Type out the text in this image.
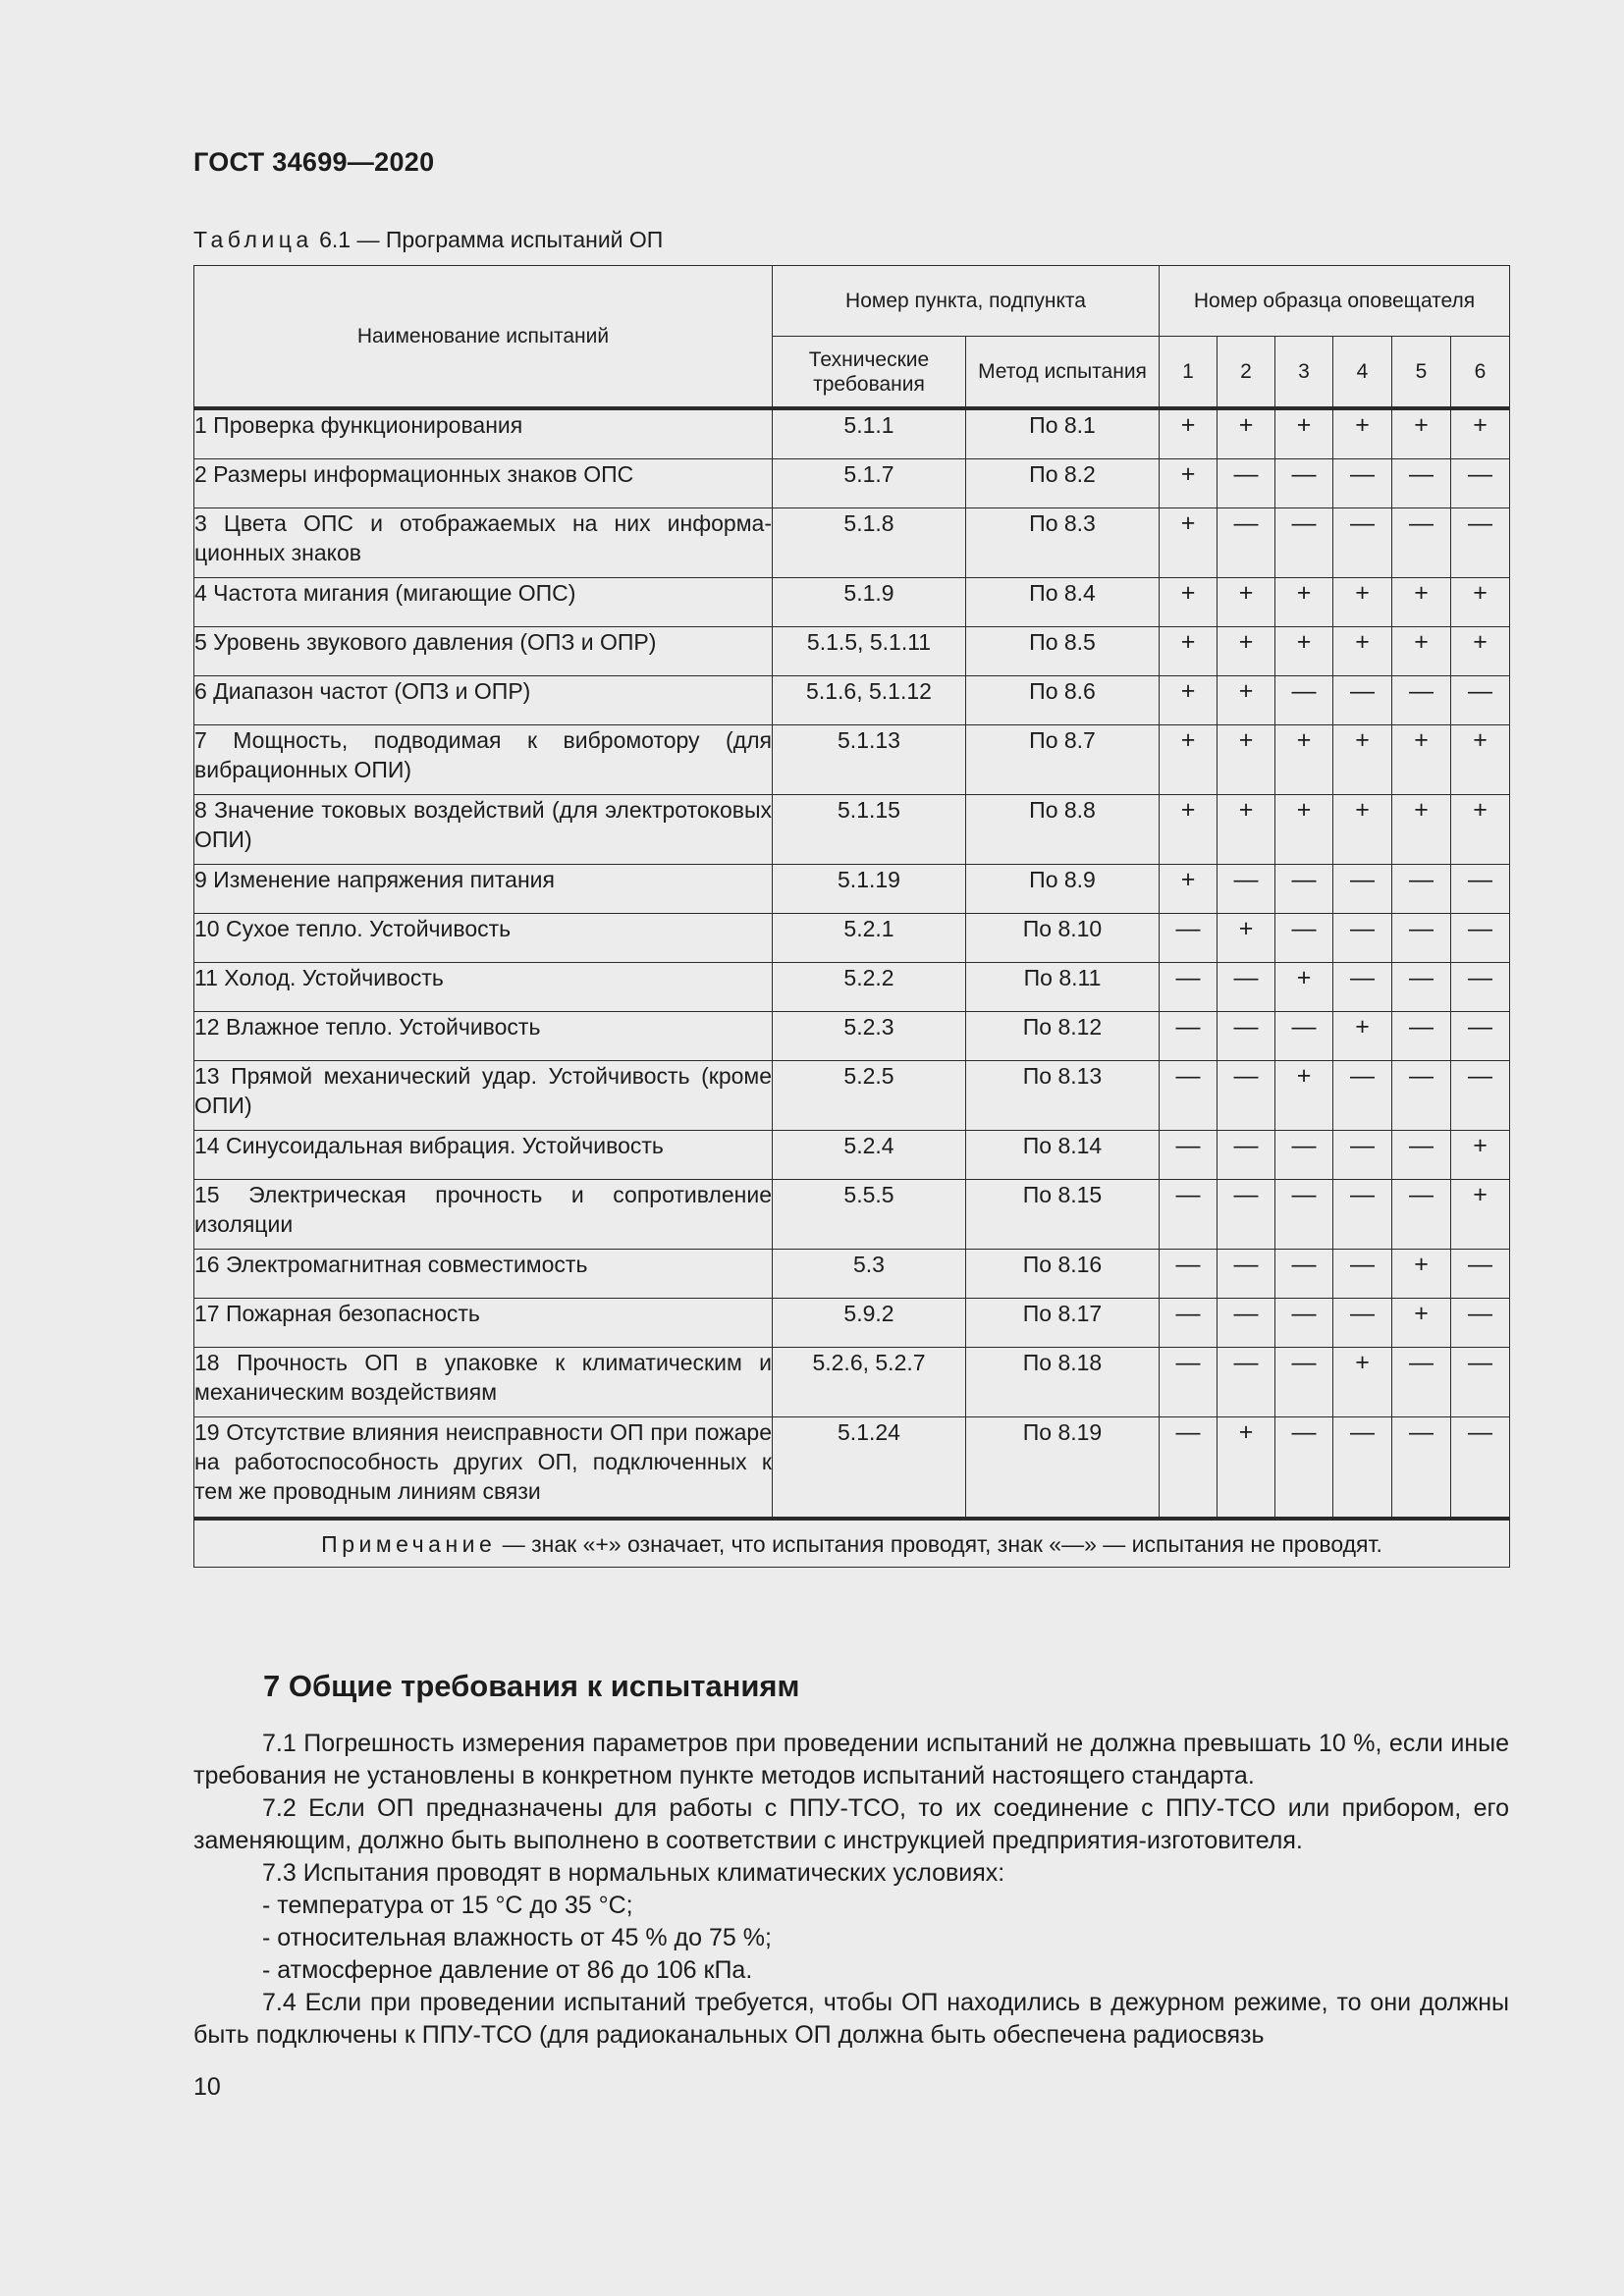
ГОСТ 34699—2020
Таблица 6.1 — Программа испытаний ОП
Наименование испытаний	Номер пункта, подпункта		Номер образца оповещателя					
	Технические требования	Метод испытания	1	2	3	4	5	6
1 Проверка функционирования	5.1.1	По 8.1	+	+	+	+	+	+
2 Размеры информационных знаков ОПС	5.1.7	По 8.2	+	—	—	—	—	—
3 Цвета ОПС и отображаемых на них информационных знаков	5.1.8	По 8.3	+	—	—	—	—	—
4 Частота мигания (мигающие ОПС)	5.1.9	По 8.4	+	+	+	+	+	+
5 Уровень звукового давления (ОПЗ и ОПР)	5.1.5, 5.1.11	По 8.5	+	+	+	+	+	+
6 Диапазон частот (ОПЗ и ОПР)	5.1.6, 5.1.12	По 8.6	+	+	—	—	—	—
7 Мощность, подводимая к вибромотору (для вибрационных ОПИ)	5.1.13	По 8.7	+	+	+	+	+	+
8 Значение токовых воздействий (для электротоковых ОПИ)	5.1.15	По 8.8	+	+	+	+	+	+
9 Изменение напряжения питания	5.1.19	По 8.9	+	—	—	—	—	—
10 Сухое тепло. Устойчивость	5.2.1	По 8.10	—	+	—	—	—	—
11 Холод. Устойчивость	5.2.2	По 8.11	—	—	+	—	—	—
12 Влажное тепло. Устойчивость	5.2.3	По 8.12	—	—	—	+	—	—
13 Прямой механический удар. Устойчивость (кроме ОПИ)	5.2.5	По 8.13	—	—	+	—	—	—
14 Синусоидальная вибрация. Устойчивость	5.2.4	По 8.14	—	—	—	—	—	+
15 Электрическая прочность и сопротивление изоляции	5.5.5	По 8.15	—	—	—	—	—	+
16 Электромагнитная совместимость	5.3	По 8.16	—	—	—	—	+	—
17 Пожарная безопасность	5.9.2	По 8.17	—	—	—	—	+	—
18 Прочность ОП в упаковке к климатическим и механическим воздействиям	5.2.6, 5.2.7	По 8.18	—	—	—	+	—	—
19 Отсутствие влияния неисправности ОП при пожаре на работоспособность других ОП, подключенных к тем же проводным линиям связи	5.1.24	По 8.19	—	+	—	—	—	—
Примечание — знак «+» означает, что испытания проводят, знак «—» — испытания не проводят.								
7 Общие требования к испытаниям

7.1 Погрешность измерения параметров при проведении испытаний не должна превышать 10 %, если иные требования не установлены в конкретном пункте методов испытаний настоящего стандарта.

7.2 Если ОП предназначены для работы с ППУ-ТСО, то их соединение с ППУ-ТСО или прибором, его заменяющим, должно быть выполнено в соответствии с инструкцией предприятия-изготовителя.

7.3 Испытания проводят в нормальных климатических условиях:

- температура от 15 °С до 35 °С;

- относительная влажность от 45 % до 75 %;

- атмосферное давление от 86 до 106 кПа.

7.4 Если при проведении испытаний требуется, чтобы ОП находились в дежурном режиме, то они должны быть подключены к ППУ-ТСО (для радиоканальных ОП должна быть обеспечена радиосвязь

10
